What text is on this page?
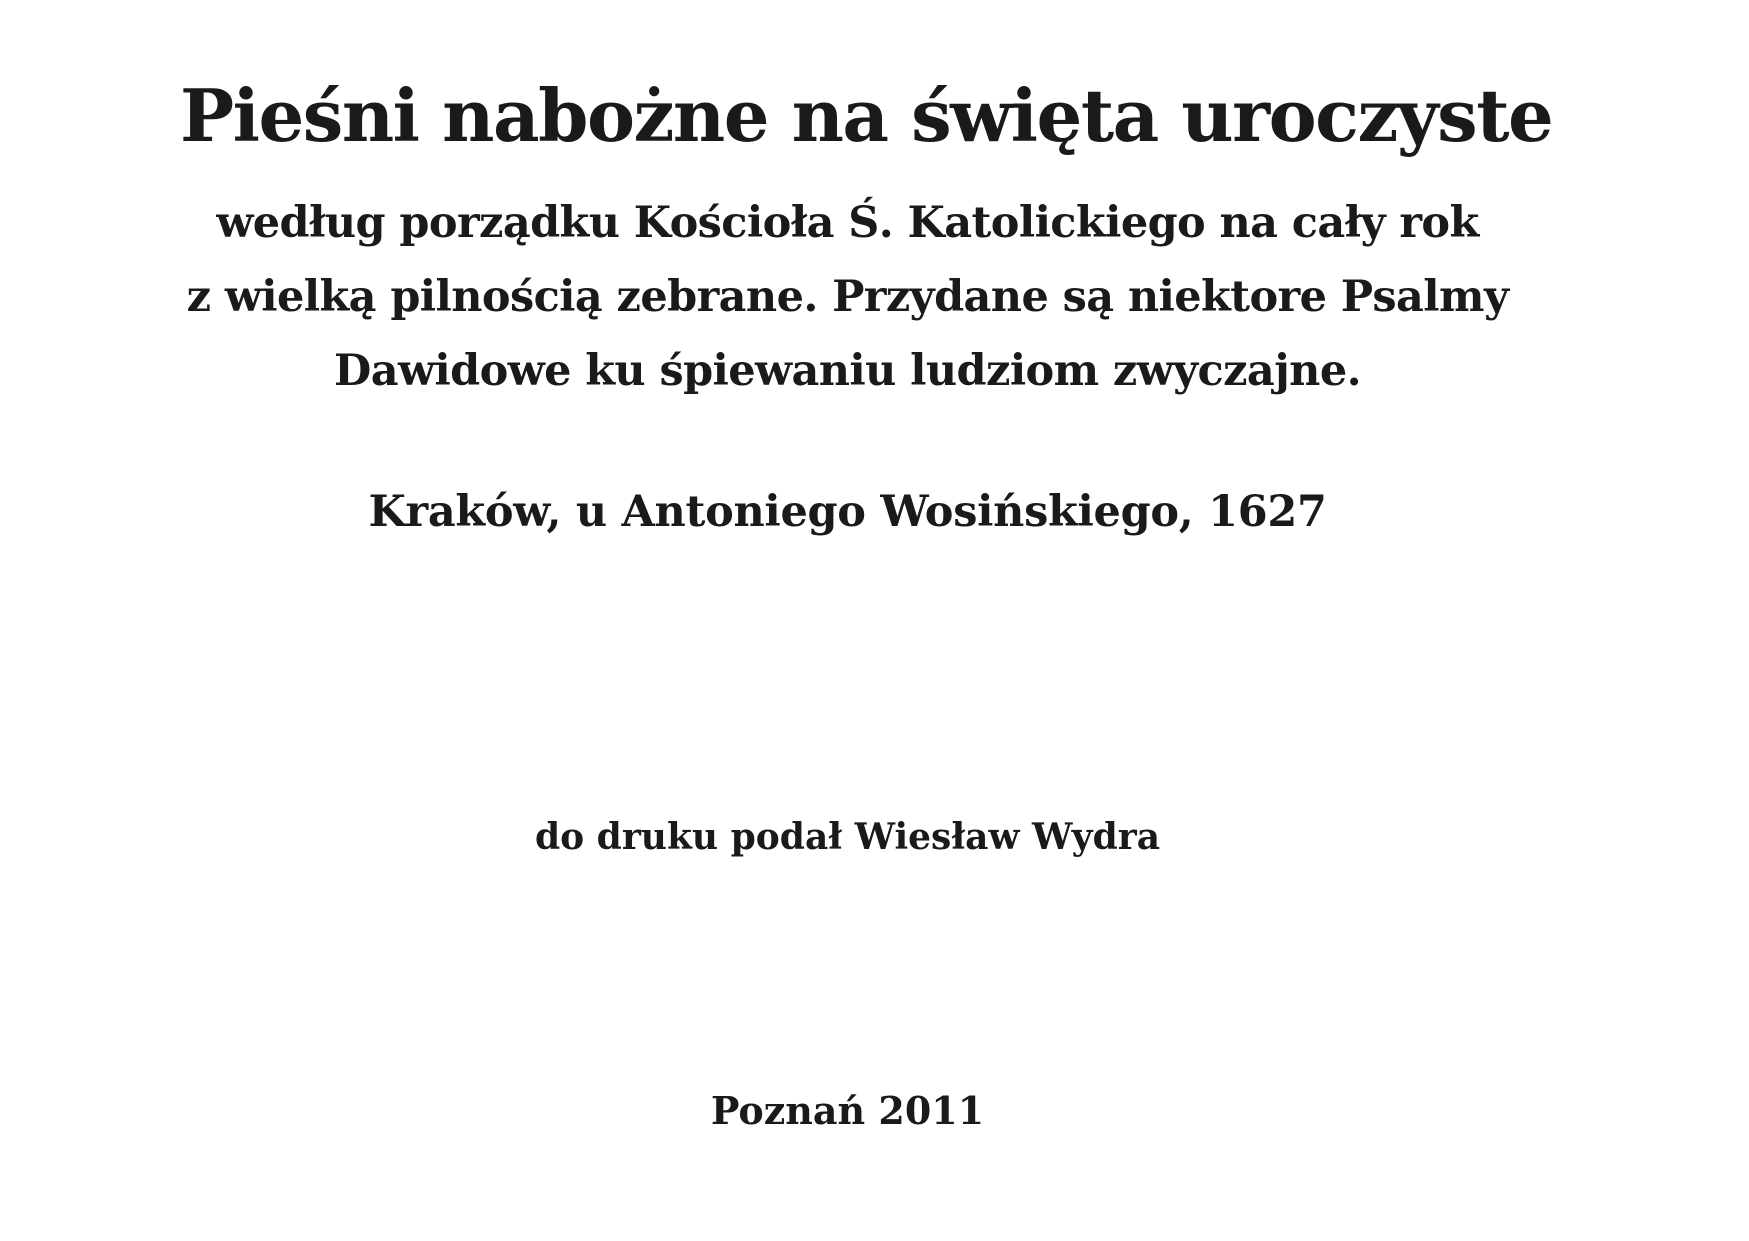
Pieśni nabożne na święta uroczyste
według porządku Kościoła Ś. Katolickiego na cały rok
z wielką pilnością zebrane. Przydane są niektore Psalmy
Dawidowe ku śpiewaniu ludziom zwyczajne.
Kraków, u Antoniego Wosińskiego, 1627
do druku podał Wiesław Wydra
Poznań 2011
